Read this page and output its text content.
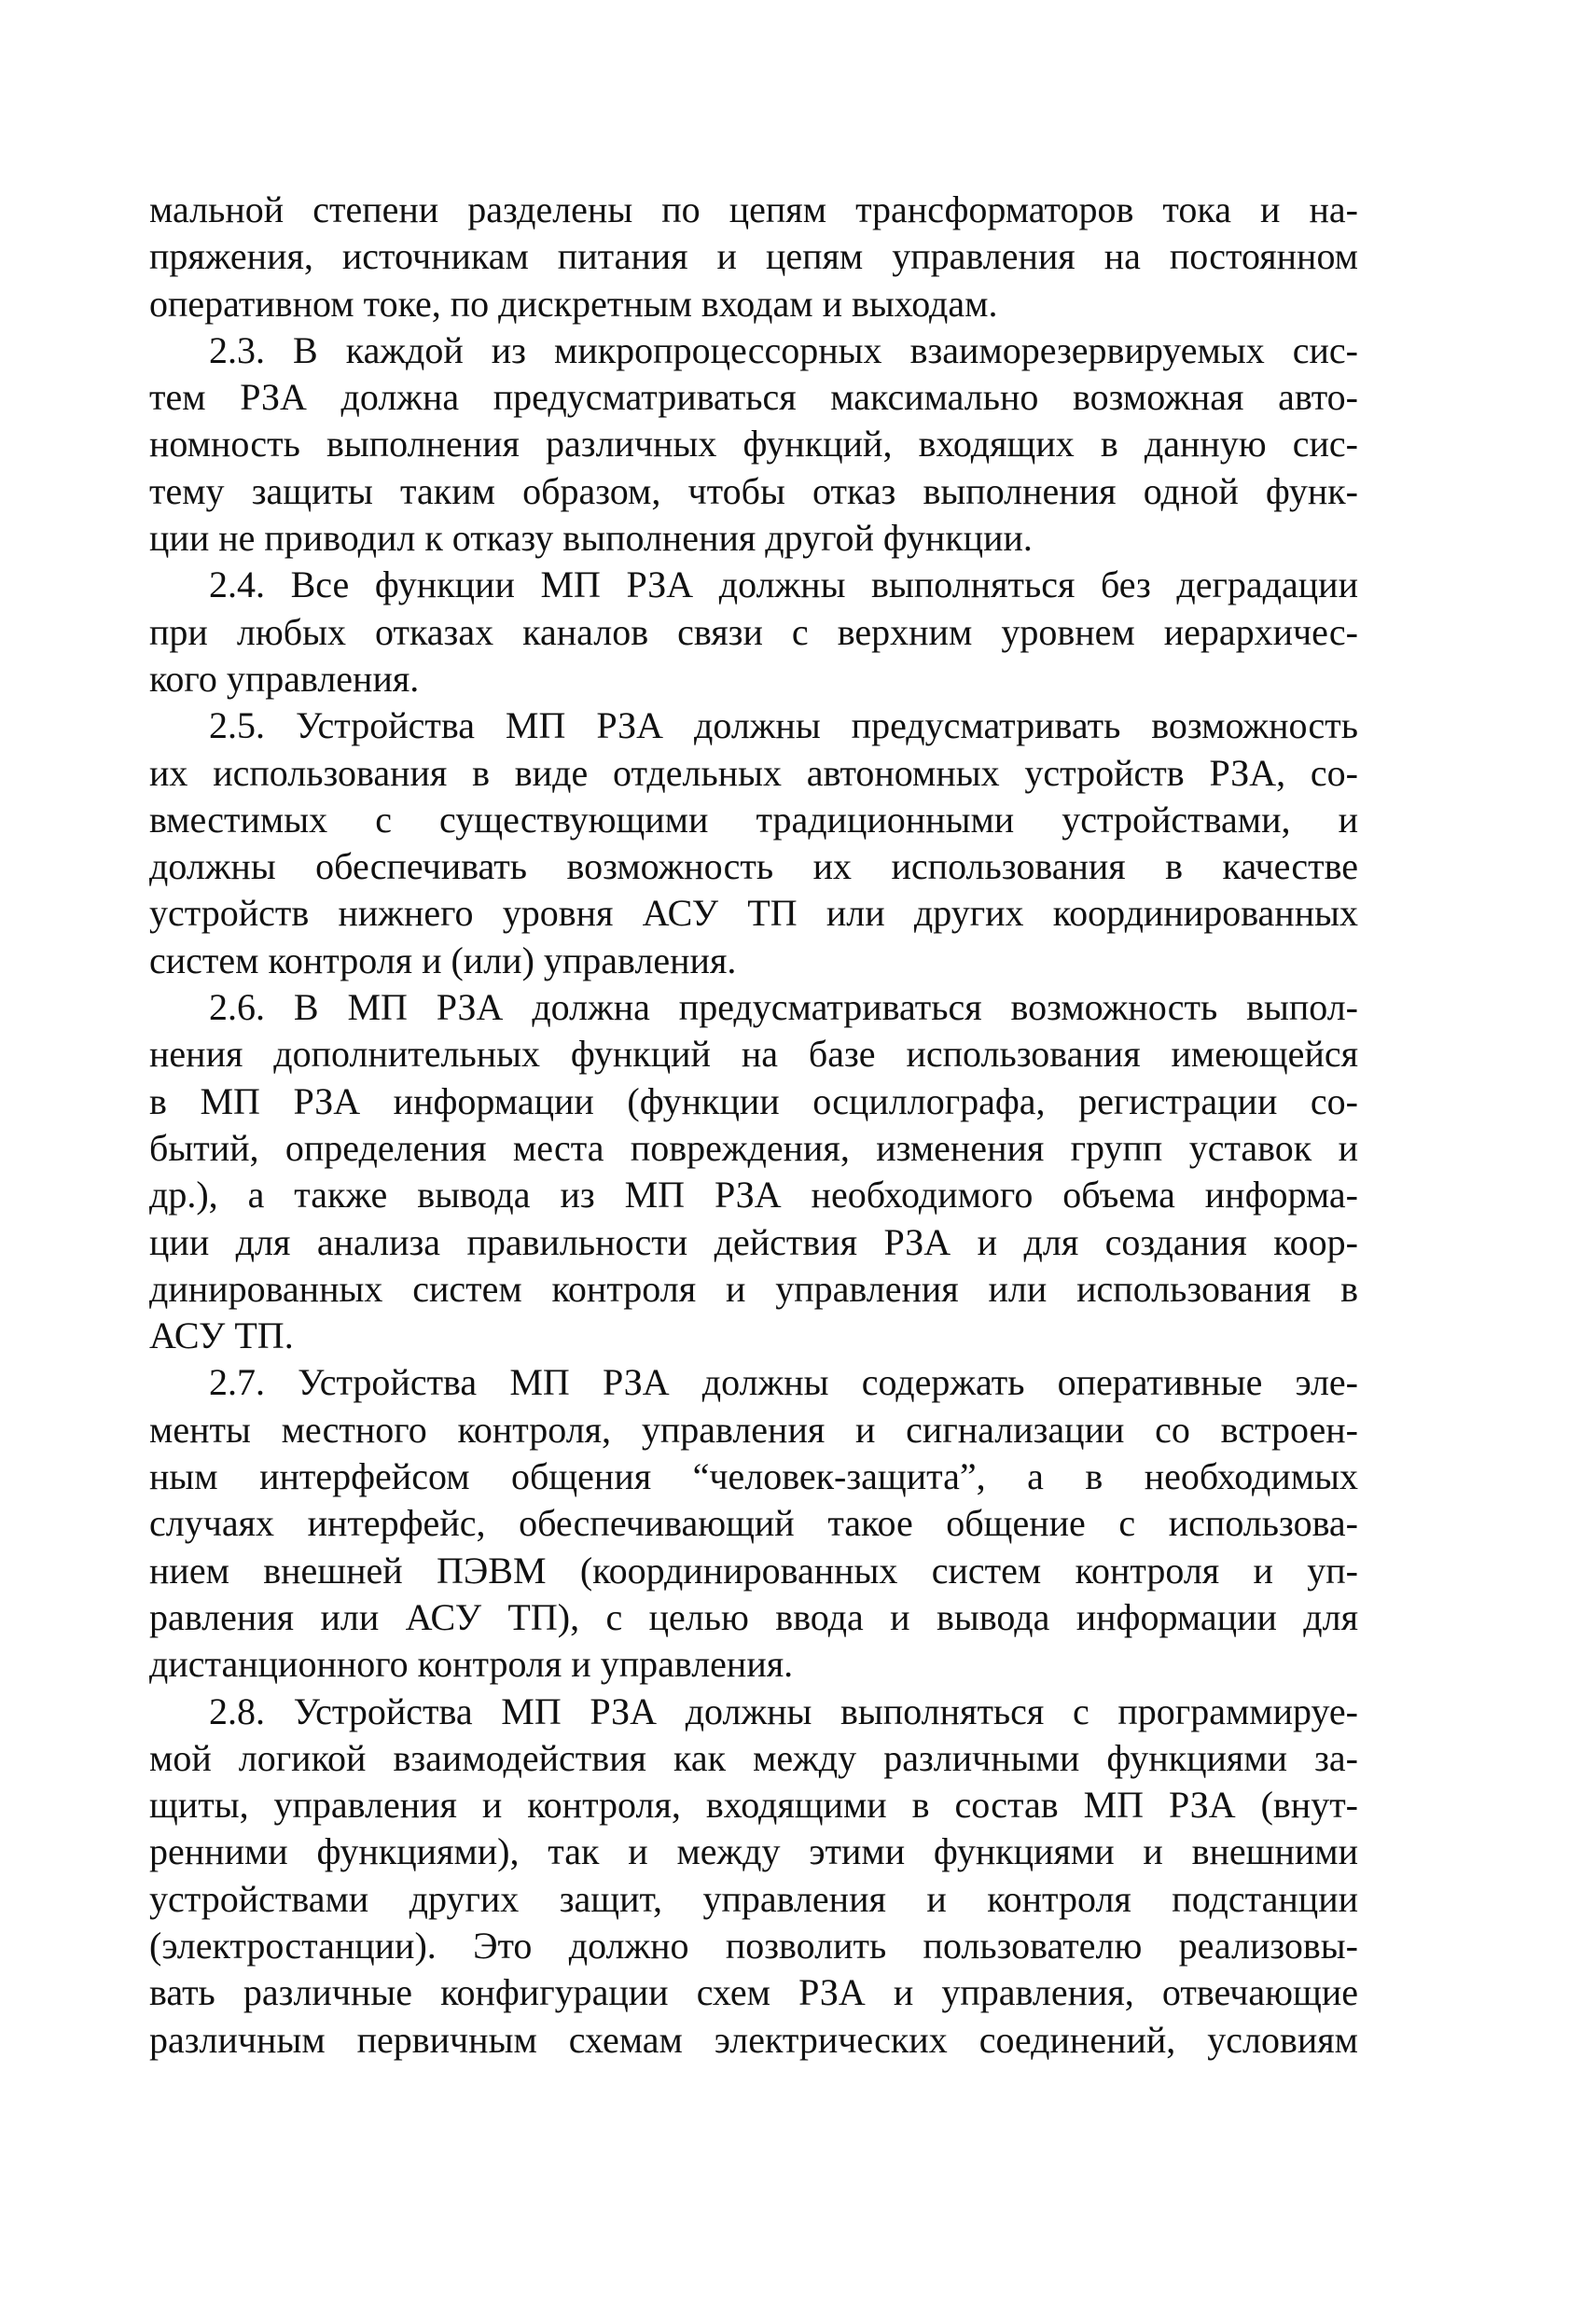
мальной степени разделены по цепям трансформаторов тока и на-
пряжения, источникам питания и цепям управления на постоянном
оперативном токе, по дискретным входам и выходам.
2.3. В каждой из микропроцессорных взаиморезервируемых сис-
тем РЗА должна предусматриваться максимально возможная авто-
номность выполнения различных функций, входящих в данную сис-
тему защиты таким образом, чтобы отказ выполнения одной функ-
ции не приводил к отказу выполнения другой функции.
2.4. Все функции МП РЗА должны выполняться без деградации
при любых отказах каналов связи с верхним уровнем иерархичес-
кого управления.
2.5. Устройства МП РЗА должны предусматривать возможность
их использования в виде отдельных автономных устройств РЗА, со-
вместимых с существующими традиционными устройствами, и
должны обеспечивать возможность их использования в качестве
устройств нижнего уровня АСУ ТП или других координированных
систем контроля и (или) управления.
2.6. В МП РЗА должна предусматриваться возможность выпол-
нения дополнительных функций на базе использования имеющейся
в МП РЗА информации (функции осциллографа, регистрации со-
бытий, определения места повреждения, изменения групп уставок и
др.), а также вывода из МП РЗА необходимого объема информа-
ции для анализа правильности действия РЗА и для создания коор-
динированных систем контроля и управления или использования в
АСУ ТП.
2.7. Устройства МП РЗА должны содержать оперативные эле-
менты местного контроля, управления и сигнализации со встроен-
ным интерфейсом общения “человек-защита”, а в необходимых
случаях интерфейс, обеспечивающий такое общение с использова-
нием внешней ПЭВМ (координированных систем контроля и уп-
равления или АСУ ТП), с целью ввода и вывода информации для
дистанционного контроля и управления.
2.8. Устройства МП РЗА должны выполняться с программируе-
мой логикой взаимодействия как между различными функциями за-
щиты, управления и контроля, входящими в состав МП РЗА (внут-
ренними функциями), так и между этими функциями и внешними
устройствами других защит, управления и контроля подстанции
(электростанции). Это должно позволить пользователю реализовы-
вать различные конфигурации схем РЗА и управления, отвечающие
различным первичным схемам электрических соединений, условиям
